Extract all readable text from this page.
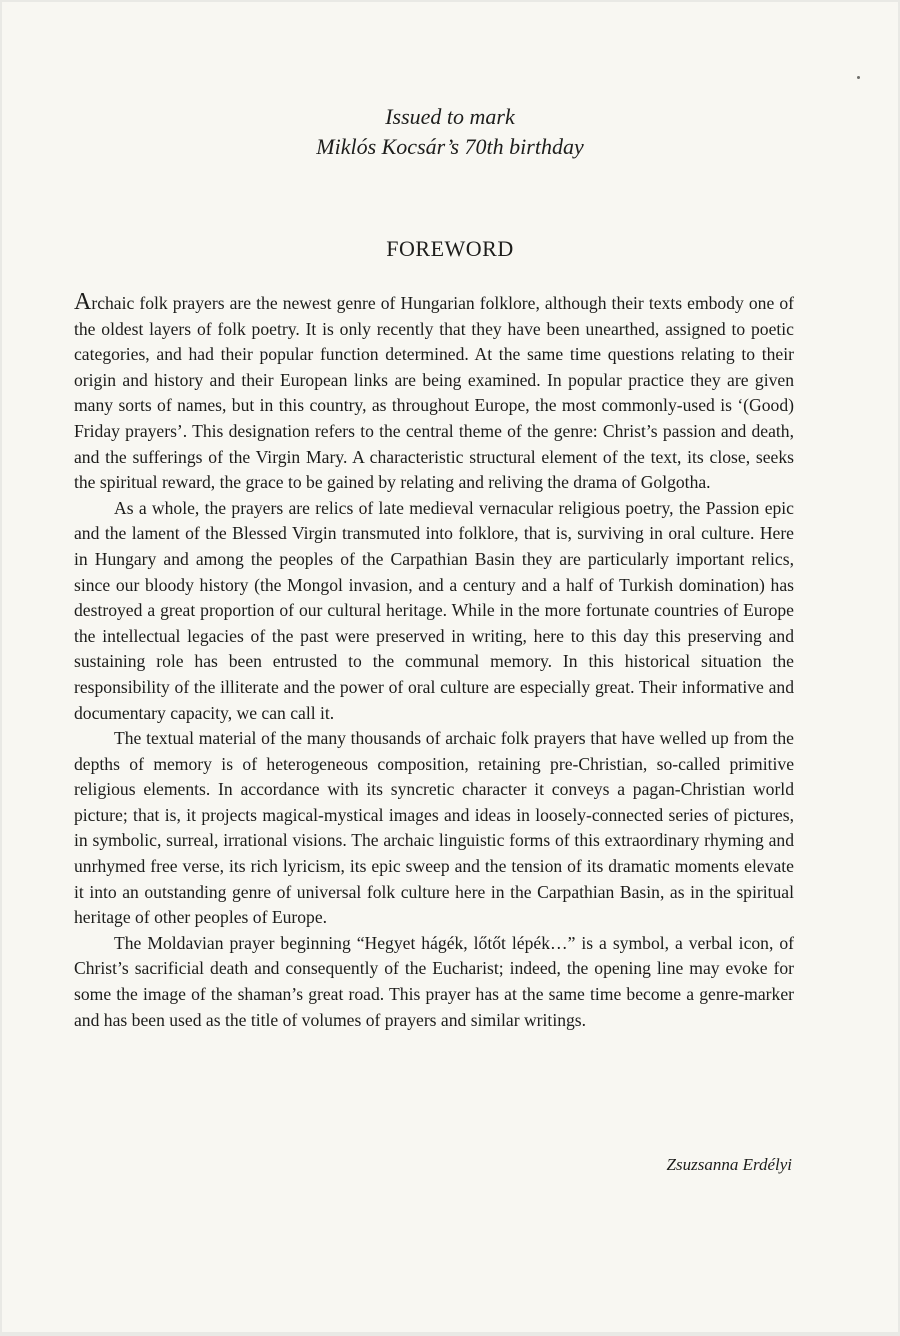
Issued to mark
Miklós Kocsár’s 70th birthday
FOREWORD

Archaic folk prayers are the newest genre of Hungarian folklore, although their texts embody one of the oldest layers of folk poetry. It is only recently that they have been unearthed, assigned to poetic categories, and had their popular function determined. At the same time questions relating to their origin and history and their European links are being examined. In popular practice they are given many sorts of names, but in this country, as throughout Europe, the most commonly-used is ‘(Good) Friday prayers’. This designation refers to the central theme of the genre: Christ’s passion and death, and the sufferings of the Virgin Mary. A characteristic structural element of the text, its close, seeks the spiritual reward, the grace to be gained by relating and reliving the drama of Golgotha.

As a whole, the prayers are relics of late medieval vernacular religious poetry, the Passion epic and the lament of the Blessed Virgin transmuted into folklore, that is, surviving in oral culture. Here in Hungary and among the peoples of the Carpathian Basin they are particularly important relics, since our bloody history (the Mongol invasion, and a century and a half of Turkish domination) has destroyed a great proportion of our cultural heritage. While in the more fortunate countries of Europe the intellectual legacies of the past were preserved in writing, here to this day this preserving and sustaining role has been entrusted to the communal memory. In this historical situation the responsibility of the illiterate and the power of oral culture are especially great. Their informative and documentary capacity, we can call it.

The textual material of the many thousands of archaic folk prayers that have welled up from the depths of memory is of heterogeneous composition, retaining pre-Christian, so-called primitive religious elements. In accordance with its syncretic character it conveys a pagan-Christian world picture; that is, it projects magical-mystical images and ideas in loosely-connected series of pictures, in symbolic, surreal, irrational visions. The archaic linguistic forms of this extraordinary rhyming and unrhymed free verse, its rich lyricism, its epic sweep and the tension of its dramatic moments elevate it into an outstanding genre of universal folk culture here in the Carpathian Basin, as in the spiritual heritage of other peoples of Europe.

The Moldavian prayer beginning “Hegyet hágék, lőtőt lépék…” is a symbol, a verbal icon, of Christ’s sacrificial death and consequently of the Eucharist; indeed, the opening line may evoke for some the image of the shaman’s great road. This prayer has at the same time become a genre-marker and has been used as the title of volumes of prayers and similar writings.

Zsuzsanna Erdélyi
